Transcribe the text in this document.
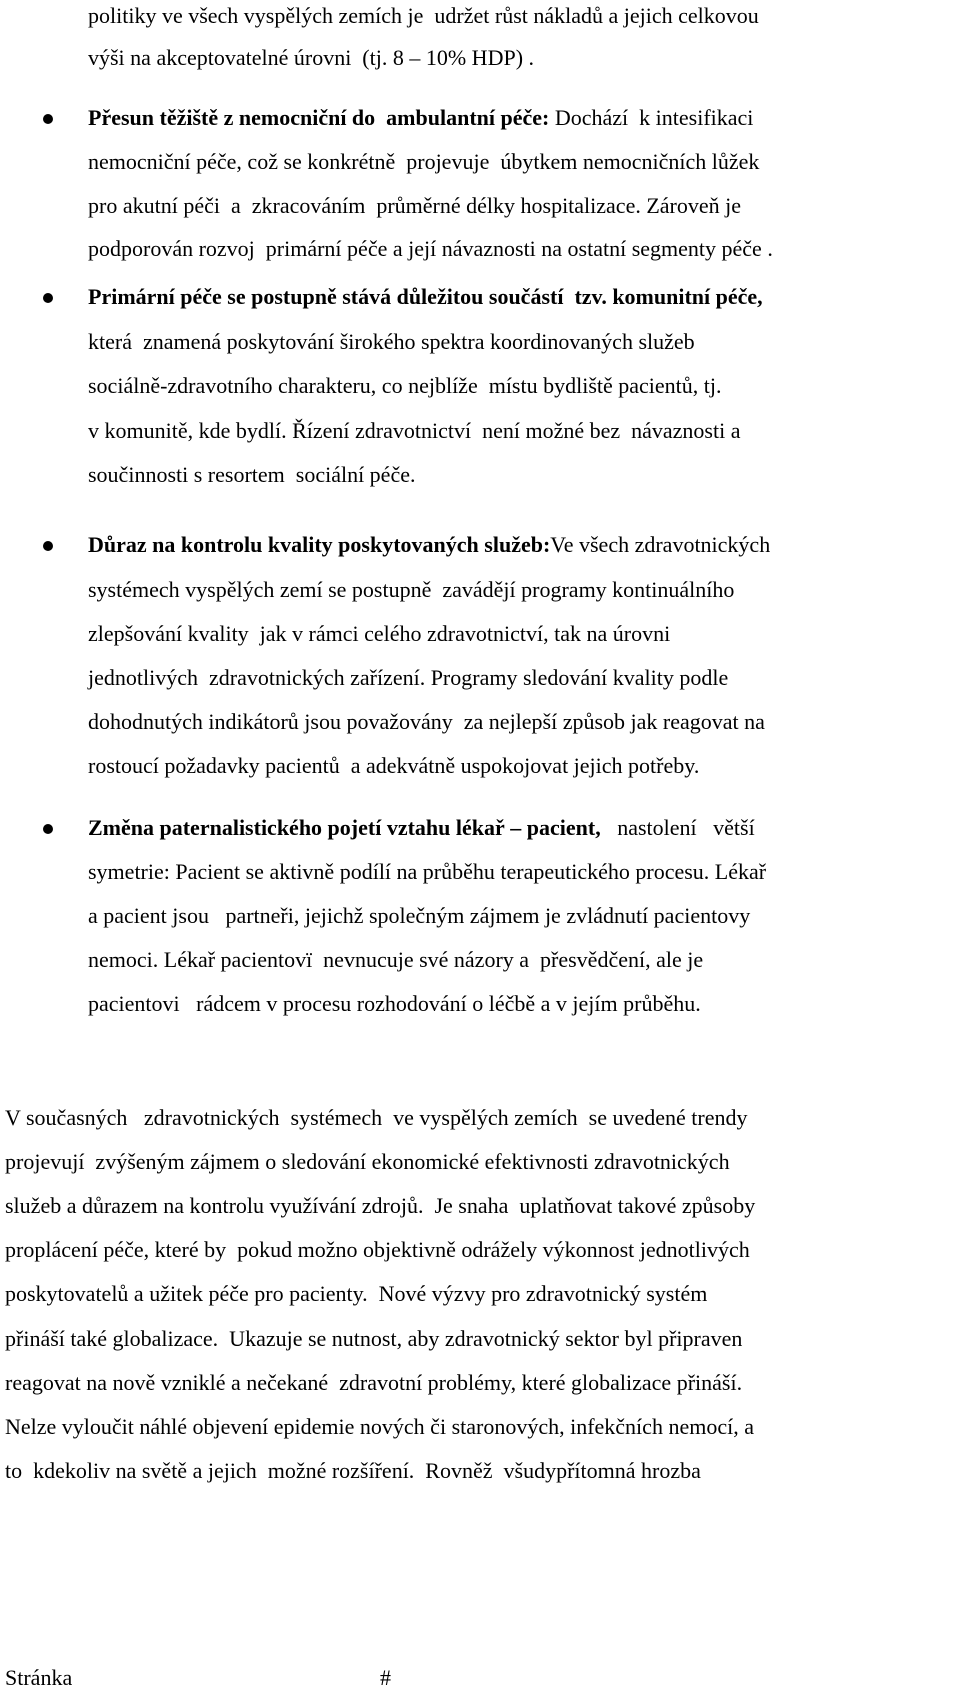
politiky ve všech vyspělých zemích je  udržet růst nákladů a jejich celkovou
výši na akceptovatelné úrovni  (tj. 8 – 10% HDP) .
Přesun těžiště z nemocniční do  ambulantní péče: Dochází  k intesifikaci
nemocniční péče, což se konkrétně  projevuje  úbytkem nemocničních lůžek
pro akutní péči  a  zkracováním  průměrné délky hospitalizace. Zároveň je
podporován rozvoj  primární péče a její návaznosti na ostatní segmenty péče .
Primární péče se postupně stává důležitou součástí  tzv. komunitní péče,
která  znamená poskytování širokého spektra koordinovaných služeb
sociálně-zdravotního charakteru, co nejblíže  místu bydliště pacientů, tj.
v komunitě, kde bydlí. Řízení zdravotnictví  není možné bez  návaznosti a
součinnosti s resortem  sociální péče.
Důraz na kontrolu kvality poskytovaných služeb:Ve všech zdravotnických
systémech vyspělých zemí se postupně  zavádějí programy kontinuálního
zlepšování kvality  jak v rámci celého zdravotnictví, tak na úrovni
jednotlivých  zdravotnických zařízení. Programy sledování kvality podle
dohodnutých indikátorů jsou považovány  za nejlepší způsob jak reagovat na
rostoucí požadavky pacientů  a adekvátně uspokojovat jejich potřeby.
Změna paternalistického pojetí vztahu lékař – pacient,   nastolení   větší
symetrie: Pacient se aktivně podílí na průběhu terapeutického procesu. Lékař
a pacient jsou   partneři, jejichž společným zájmem je zvládnutí pacientovy
nemoci. Lékař pacientovï  nevnucuje své názory a  přesvědčení, ale je
pacientovi   rádcem v procesu rozhodování o léčbě a v jejím průběhu.
V současných   zdravotnických  systémech  ve vyspělých zemích  se uvedené trendy
projevují  zvýšeným zájmem o sledování ekonomické efektivnosti zdravotnických
služeb a důrazem na kontrolu využívání zdrojů.  Je snaha  uplatňovat takové způsoby
proplácení péče, které by  pokud možno objektivně odrážely výkonnost jednotlivých
poskytovatelů a užitek péče pro pacienty.  Nové výzvy pro zdravotnický systém
přináší také globalizace.  Ukazuje se nutnost, aby zdravotnický sektor byl připraven
reagovat na nově vzniklé a nečekané  zdravotní problémy, které globalizace přináší.
Nelze vyloučit náhlé objevení epidemie nových či staronových, infekčních nemocí, a
to  kdekoliv na světě a jejich  možné rozšíření.  Rovněž  všudypřítomná hrozba
Stránka	#
